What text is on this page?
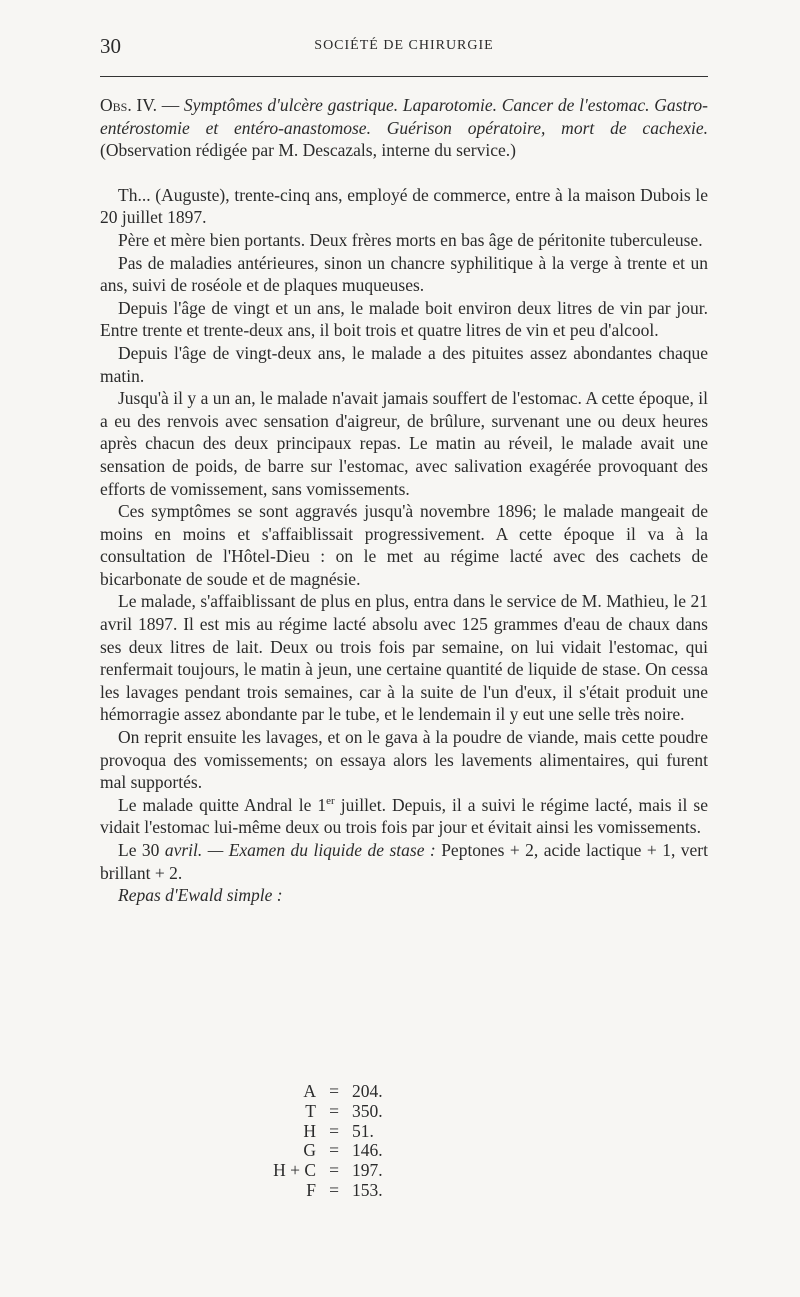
30	SOCIÉTÉ DE CHIRURGIE

Obs. IV. — Symptômes d'ulcère gastrique. Laparotomie. Cancer de l'estomac. Gastro-entérostomie et entéro-anastomose. Guérison opératoire, mort de cachexie. (Observation rédigée par M. Descazals, interne du service.)

Th... (Auguste), trente-cinq ans, employé de commerce, entre à la maison Dubois le 20 juillet 1897.

Père et mère bien portants. Deux frères morts en bas âge de péritonite tuberculeuse.

Pas de maladies antérieures, sinon un chancre syphilitique à la verge à trente et un ans, suivi de roséole et de plaques muqueuses.

Depuis l'âge de vingt et un ans, le malade boit environ deux litres de vin par jour. Entre trente et trente-deux ans, il boit trois et quatre litres de vin et peu d'alcool.

Depuis l'âge de vingt-deux ans, le malade a des pituites assez abondantes chaque matin.

Jusqu'à il y a un an, le malade n'avait jamais souffert de l'estomac. A cette époque, il a eu des renvois avec sensation d'aigreur, de brûlure, survenant une ou deux heures après chacun des deux principaux repas. Le matin au réveil, le malade avait une sensation de poids, de barre sur l'estomac, avec salivation exagérée provoquant des efforts de vomissement, sans vomissements.

Ces symptômes se sont aggravés jusqu'à novembre 1896; le malade mangeait de moins en moins et s'affaiblissait progressivement. A cette époque il va à la consultation de l'Hôtel-Dieu : on le met au régime lacté avec des cachets de bicarbonate de soude et de magnésie.

Le malade, s'affaiblissant de plus en plus, entra dans le service de M. Mathieu, le 21 avril 1897. Il est mis au régime lacté absolu avec 125 grammes d'eau de chaux dans ses deux litres de lait. Deux ou trois fois par semaine, on lui vidait l'estomac, qui renfermait toujours, le matin à jeun, une certaine quantité de liquide de stase. On cessa les lavages pendant trois semaines, car à la suite de l'un d'eux, il s'était produit une hémorragie assez abondante par le tube, et le lendemain il y eut une selle très noire.

On reprit ensuite les lavages, et on le gava à la poudre de viande, mais cette poudre provoqua des vomissements; on essaya alors les lavements alimentaires, qui furent mal supportés.

Le malade quitte Andral le 1er juillet. Depuis, il a suivi le régime lacté, mais il se vidait l'estomac lui-même deux ou trois fois par jour et évitait ainsi les vomissements.

Le 30 avril. — Examen du liquide de stase : Peptones + 2, acide lactique + 1, vert brillant + 2.

Repas d'Ewald simple :

A = 204.
T = 350.
H = 51.
G = 146.
H + C = 197.
F = 153.
